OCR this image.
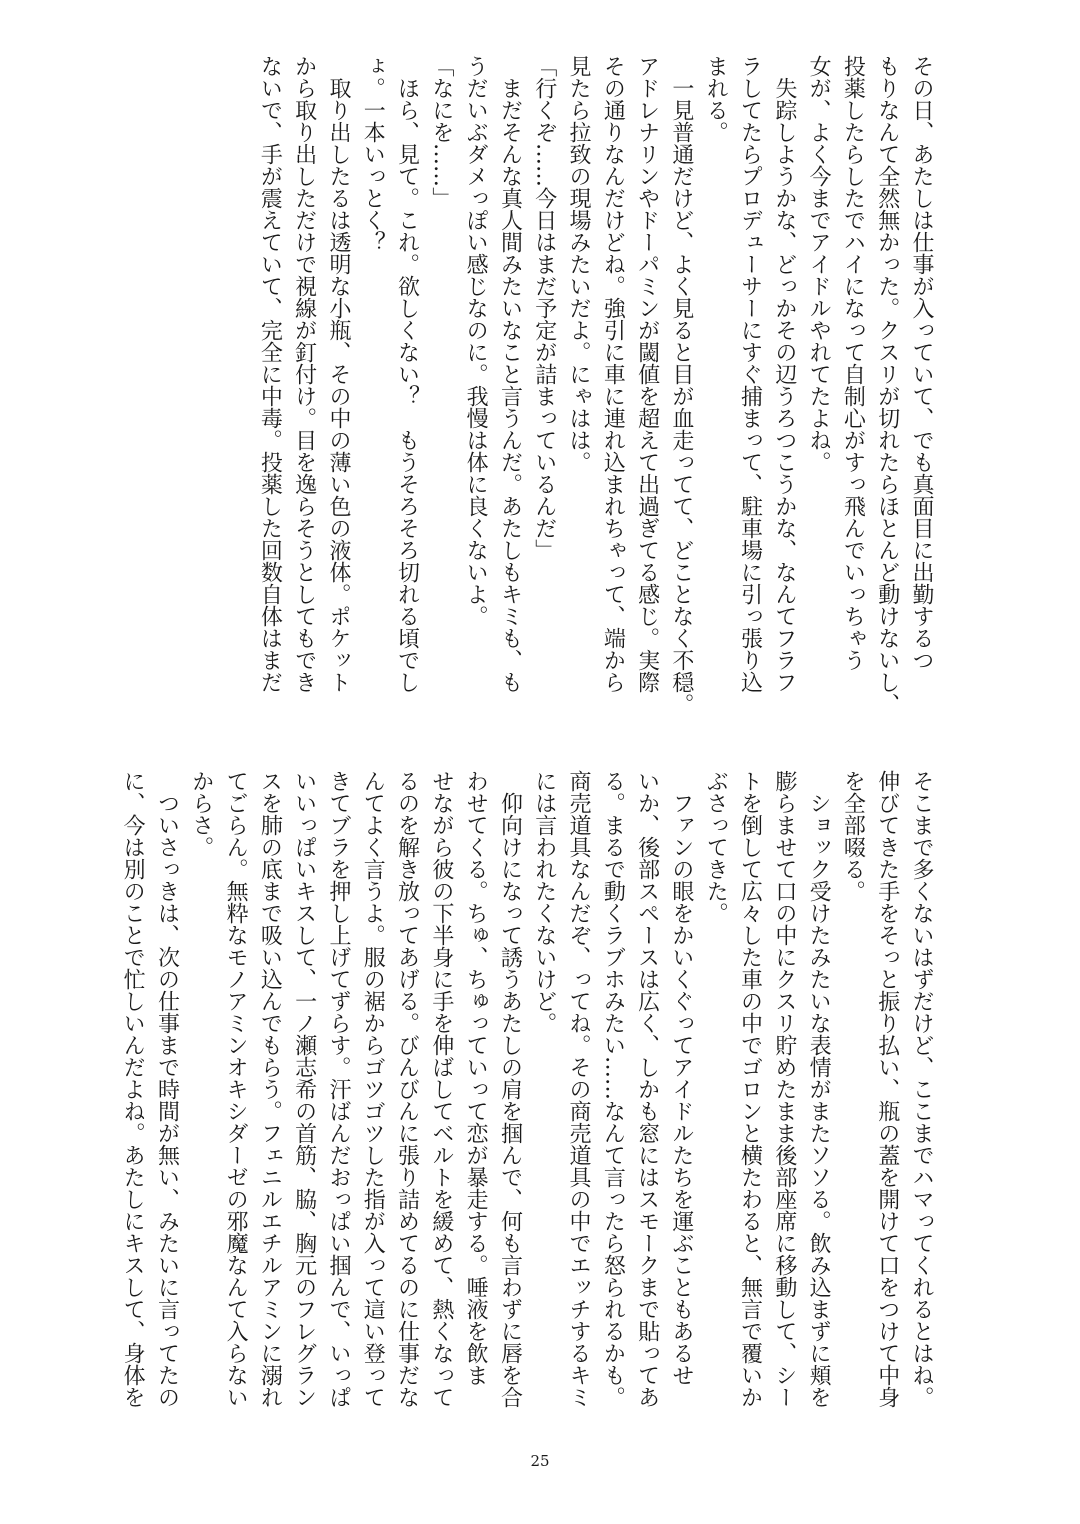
その日、あたしは仕事が入っていて、でも真面目に出勤するつ
もりなんて全然無かった。クスリが切れたらほとんど動けないし、
投薬したらしたでハイになって自制心がすっ飛んでいっちゃう
女が、よく今までアイドルやれてたよね。
　失踪しようかな、どっかその辺うろつこうかな、なんてフラフ
ラしてたらプロデューサーにすぐ捕まって、駐車場に引っ張り込
まれる。
　一見普通だけど、よく見ると目が血走ってて、どことなく不穏。
アドレナリンやドーパミンが閾値を超えて出過ぎてる感じ。実際
その通りなんだけどね。強引に車に連れ込まれちゃって、端から
見たら拉致の現場みたいだよ。にゃはは。
「行くぞ……今日はまだ予定が詰まっているんだ」
　まだそんな真人間みたいなこと言うんだ。あたしもキミも、も
うだいぶダメっぽい感じなのに。我慢は体に良くないよ。
「なにを……」
　ほら、見て。これ。欲しくない？　もうそろそろ切れる頃でし
ょ。一本いっとく？
　取り出したるは透明な小瓶、その中の薄い色の液体。ポケット
から取り出しただけで視線が釘付け。目を逸らそうとしてもでき
ないで、手が震えていて、完全に中毒。投薬した回数自体はまだ
そこまで多くないはずだけど、ここまでハマってくれるとはね。
伸びてきた手をそっと振り払い、瓶の蓋を開けて口をつけて中身
を全部啜る。
　ショック受けたみたいな表情がまたソソる。飲み込まずに頬を
膨らませて口の中にクスリ貯めたまま後部座席に移動して、シー
トを倒して広々した車の中でゴロンと横たわると、無言で覆いか
ぶさってきた。
　ファンの眼をかいくぐってアイドルたちを運ぶこともあるせ
いか、後部スペースは広く、しかも窓にはスモークまで貼ってあ
る。まるで動くラブホみたい……なんて言ったら怒られるかも。
商売道具なんだぞ、ってね。その商売道具の中でエッチするキミ
には言われたくないけど。
　仰向けになって誘うあたしの肩を掴んで、何も言わずに唇を合
わせてくる。ちゅ、ちゅっていって恋が暴走する。唾液を飲ま
せながら彼の下半身に手を伸ばしてベルトを緩めて、熱くなって
るのを解き放ってあげる。びんびんに張り詰めてるのに仕事だな
んてよく言うよ。服の裾からゴツゴツした指が入って這い登って
きてブラを押し上げてずらす。汗ばんだおっぱい掴んで、いっぱ
いいっぱいキスして、一ノ瀬志希の首筋、脇、胸元のフレグラン
スを肺の底まで吸い込んでもらう。フェニルエチルアミンに溺れ
てごらん。無粋なモノアミンオキシダーゼの邪魔なんて入らない
からさ。
　ついさっきは、次の仕事まで時間が無い、みたいに言ってたの
に、今は別のことで忙しいんだよね。あたしにキスして、身体を
25
